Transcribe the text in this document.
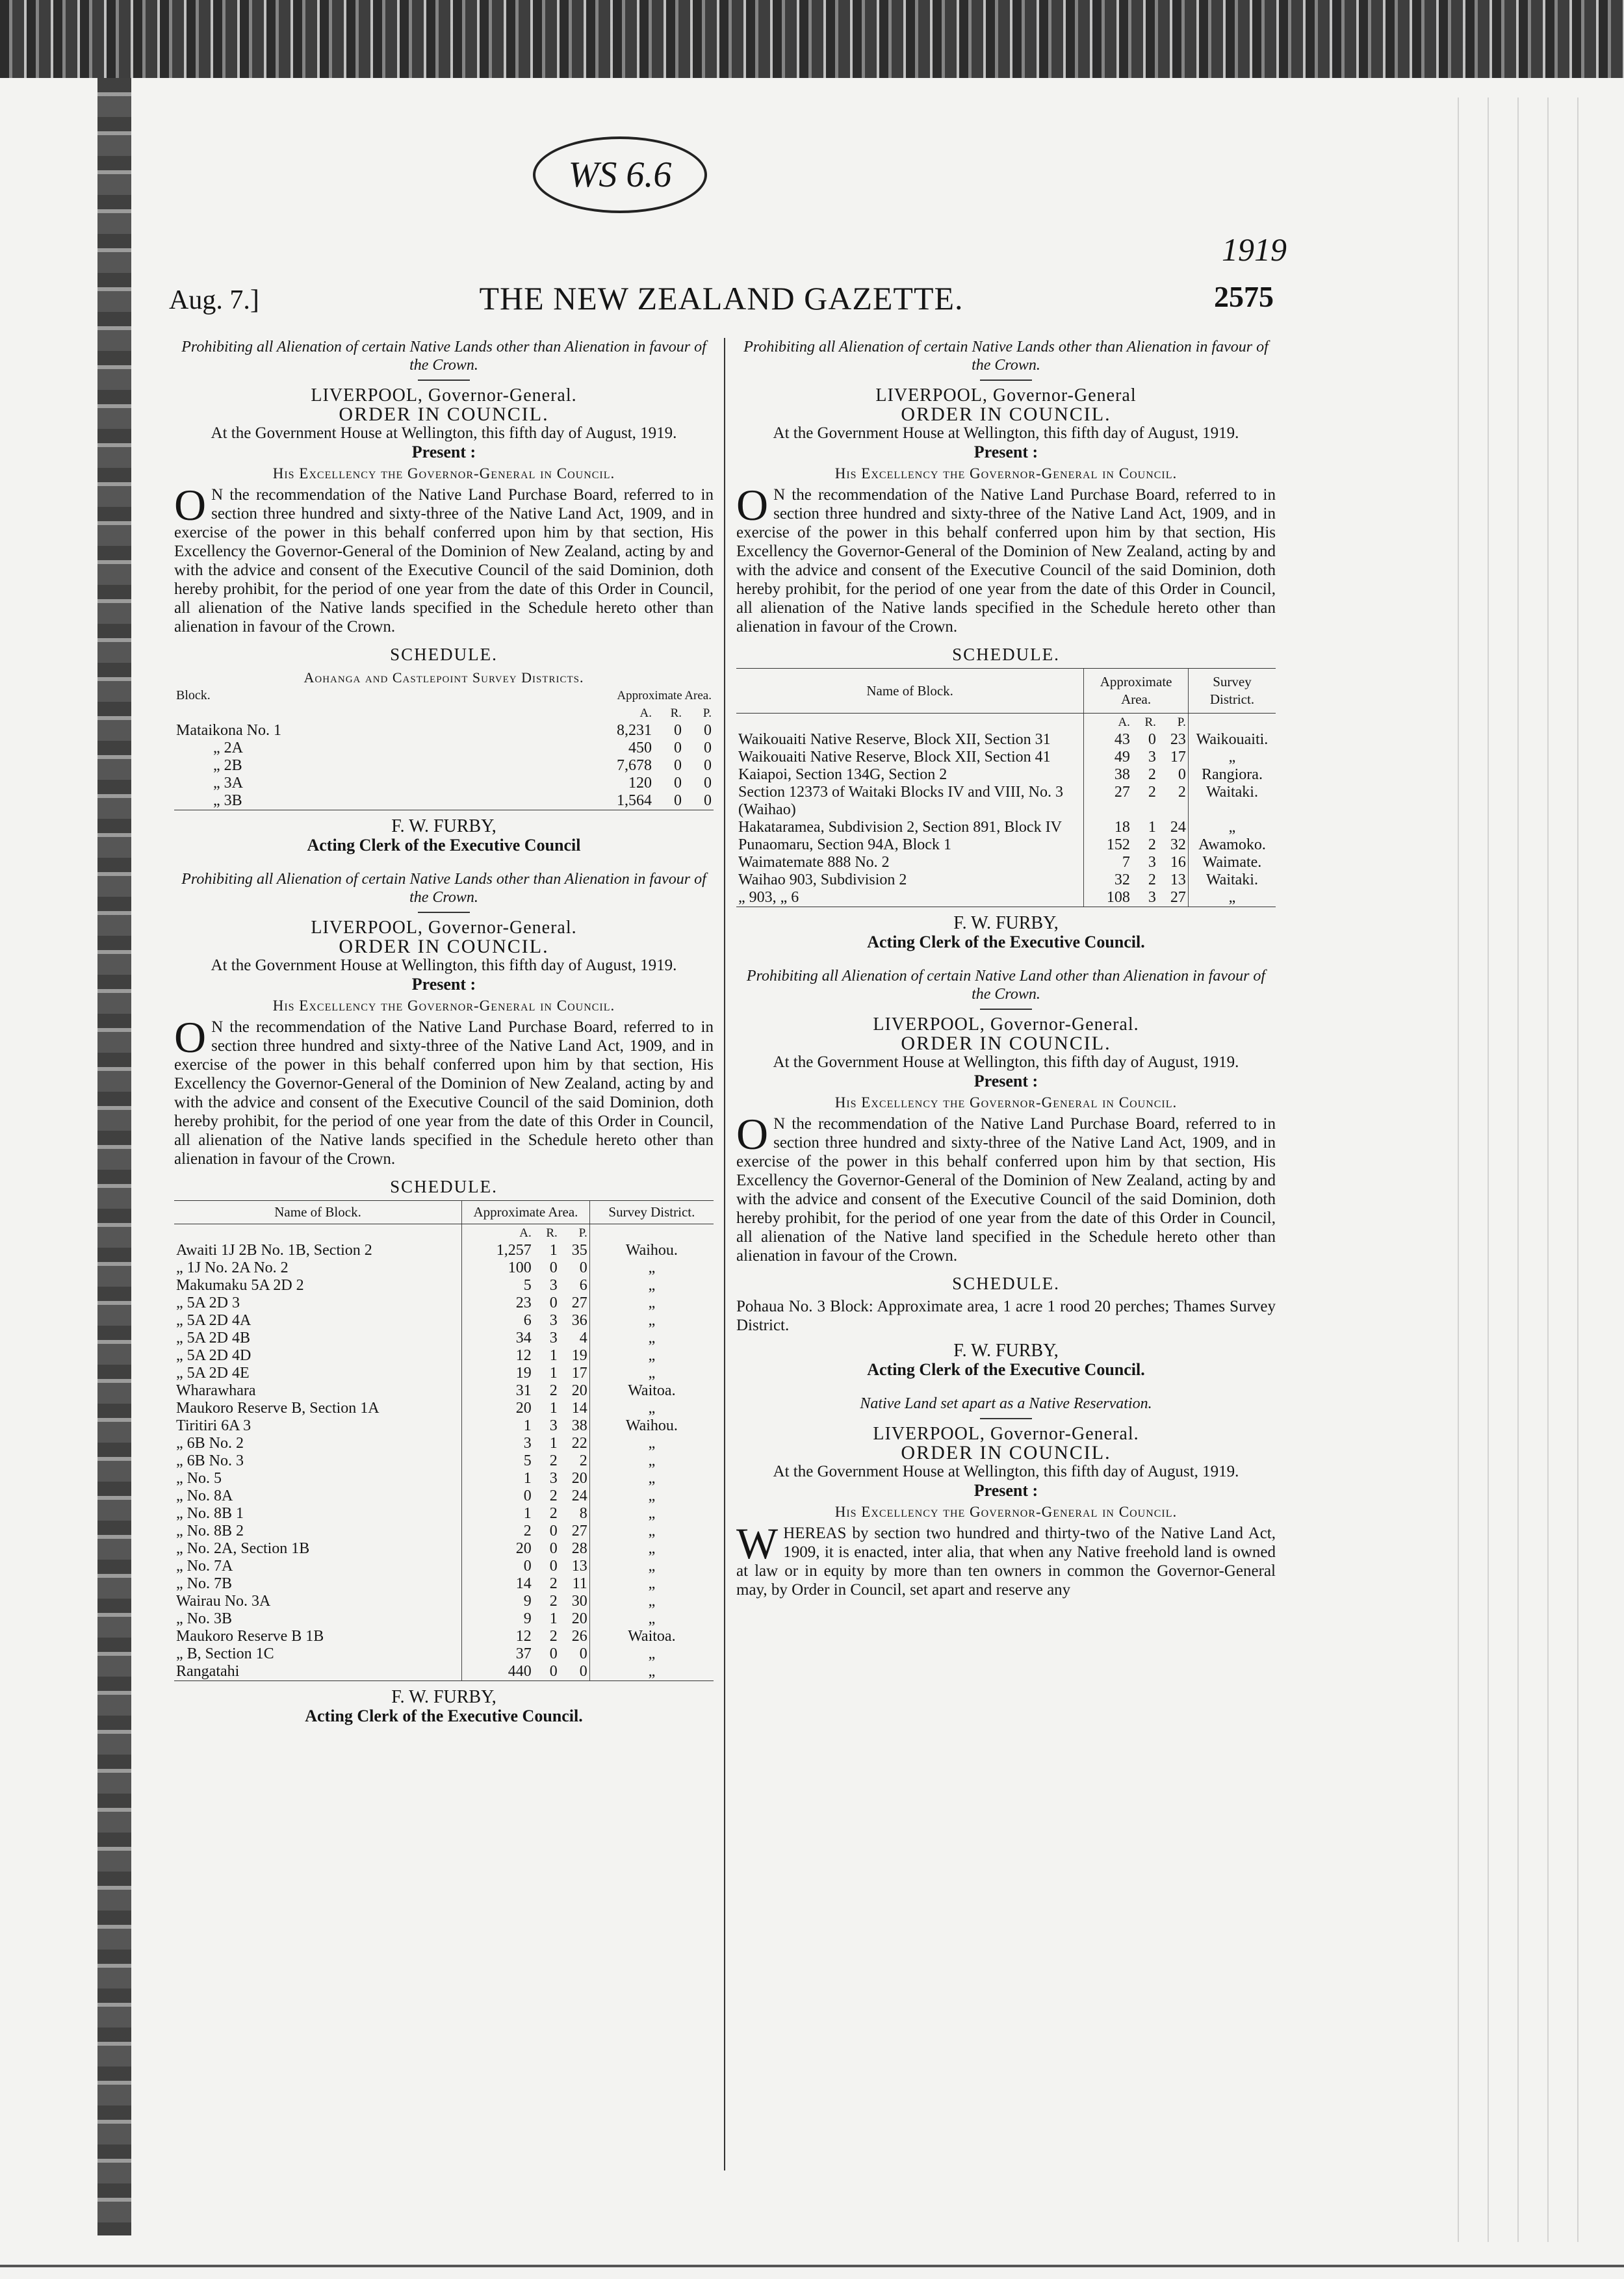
WS 6.6
1919
THE NEW ZEALAND GAZETTE.
Aug. 7.]	2575
Prohibiting all Alienation of certain Native Lands other than Alienation in favour of the Crown.
LIVERPOOL, Governor-General.
ORDER IN COUNCIL.
At the Government House at Wellington, this fifth day of August, 1919.
Present :
His Excellency the Governor-General in Council.
O N the recommendation of the Native Land Purchase Board, referred to in section three hundred and sixty-three of the Native Land Act, 1909, and in exercise of the power in this behalf conferred upon him by that section, His Excellency the Governor-General of the Dominion of New Zealand, acting by and with the advice and consent of the Executive Council of the said Dominion, doth hereby prohibit, for the period of one year from the date of this Order in Council, all alienation of the Native lands specified in the Schedule hereto other than alienation in favour of the Crown.
SCHEDULE.
Aohanga and Castlepoint Survey Districts.
Block.	Approximate Area.		
	A.	R.	P.
Mataikona No. 1	8,231	0	0
„ 2A	450	0	0
„ 2B	7,678	0	0
„ 3A	120	0	0
„ 3B	1,564	0	0
F. W. FURBY,
Acting Clerk of the Executive Council
Prohibiting all Alienation of certain Native Lands other than Alienation in favour of the Crown.
LIVERPOOL, Governor-General.
ORDER IN COUNCIL.
At the Government House at Wellington, this fifth day of August, 1919.
Present :
His Excellency the Governor-General in Council.
O N the recommendation of the Native Land Purchase Board, referred to in section three hundred and sixty-three of the Native Land Act, 1909, and in exercise of the power in this behalf conferred upon him by that section, His Excellency the Governor-General of the Dominion of New Zealand, acting by and with the advice and consent of the Executive Council of the said Dominion, doth hereby prohibit, for the period of one year from the date of this Order in Council, all alienation of the Native lands specified in the Schedule hereto other than alienation in favour of the Crown.
SCHEDULE.
Name of Block.	Approximate Area.			Survey District.
	A.	R.	P.	
Awaiti 1J 2B No. 1B, Section 2	1,257	1	35	Waihou.
„ 1J No. 2A No. 2	100	0	0	„
Makumaku 5A 2D 2	5	3	6	„
„ 5A 2D 3	23	0	27	„
„ 5A 2D 4A	6	3	36	„
„ 5A 2D 4B	34	3	4	„
„ 5A 2D 4D	12	1	19	„
„ 5A 2D 4E	19	1	17	„
Wharawhara	31	2	20	Waitoa.
Maukoro Reserve B, Section 1A	20	1	14	„
Tiritiri 6A 3	1	3	38	Waihou.
„ 6B No. 2	3	1	22	„
„ 6B No. 3	5	2	2	„
„ No. 5	1	3	20	„
„ No. 8A	0	2	24	„
„ No. 8B 1	1	2	8	„
„ No. 8B 2	2	0	27	„
„ No. 2A, Section 1B	20	0	28	„
„ No. 7A	0	0	13	„
„ No. 7B	14	2	11	„
Wairau No. 3A	9	2	30	„
„ No. 3B	9	1	20	„
Maukoro Reserve B 1B	12	2	26	Waitoa.
„ B, Section 1C	37	0	0	„
Rangatahi	440	0	0	„
F. W. FURBY,
Acting Clerk of the Executive Council.
Prohibiting all Alienation of certain Native Lands other than Alienation in favour of the Crown.
LIVERPOOL, Governor-General
ORDER IN COUNCIL.
At the Government House at Wellington, this fifth day of August, 1919.
Present :
His Excellency the Governor-General in Council.
O N the recommendation of the Native Land Purchase Board, referred to in section three hundred and sixty-three of the Native Land Act, 1909, and in exercise of the power in this behalf conferred upon him by that section, His Excellency the Governor-General of the Dominion of New Zealand, acting by and with the advice and consent of the Executive Council of the said Dominion, doth hereby prohibit, for the period of one year from the date of this Order in Council, all alienation of the Native lands specified in the Schedule hereto other than alienation in favour of the Crown.
SCHEDULE.
Name of Block.	Approximate Area.			Survey District.
	A.	R.	P.	
Waikouaiti Native Reserve, Block XII, Section 31	43	0	23	Waikouaiti.
Waikouaiti Native Reserve, Block XII, Section 41	49	3	17	„
Kaiapoi, Section 134G, Section 2	38	2	0	Rangiora.
Section 12373 of Waitaki Blocks IV and VIII, No. 3 (Waihao)	27	2	2	Waitaki.
Hakataramea, Subdivision 2, Section 891, Block IV	18	1	24	„
Punaomaru, Section 94A, Block 1	152	2	32	Awamoko.
Waimatemate 888 No. 2	7	3	16	Waimate.
Waihao 903, Subdivision 2	32	2	13	Waitaki.
„ 903, „ 6	108	3	27	„
F. W. FURBY,
Acting Clerk of the Executive Council.
Prohibiting all Alienation of certain Native Land other than Alienation in favour of the Crown.
LIVERPOOL, Governor-General.
ORDER IN COUNCIL.
At the Government House at Wellington, this fifth day of August, 1919.
Present :
His Excellency the Governor-General in Council.
O N the recommendation of the Native Land Purchase Board, referred to in section three hundred and sixty-three of the Native Land Act, 1909, and in exercise of the power in this behalf conferred upon him by that section, His Excellency the Governor-General of the Dominion of New Zealand, acting by and with the advice and consent of the Executive Council of the said Dominion, doth hereby prohibit, for the period of one year from the date of this Order in Council, all alienation of the Native land specified in the Schedule hereto other than alienation in favour of the Crown.
SCHEDULE.
Pohaua No. 3 Block: Approximate area, 1 acre 1 rood 20 perches; Thames Survey District.
F. W. FURBY,
Acting Clerk of the Executive Council.
Native Land set apart as a Native Reservation.
LIVERPOOL, Governor-General.
ORDER IN COUNCIL.
At the Government House at Wellington, this fifth day of August, 1919.
Present :
His Excellency the Governor-General in Council.
WHEREAS by section two hundred and thirty-two of the Native Land Act, 1909, it is enacted, inter alia, that when any Native freehold land is owned at law or in equity by more than ten owners in common the Governor-General may, by Order in Council, set apart and reserve any
